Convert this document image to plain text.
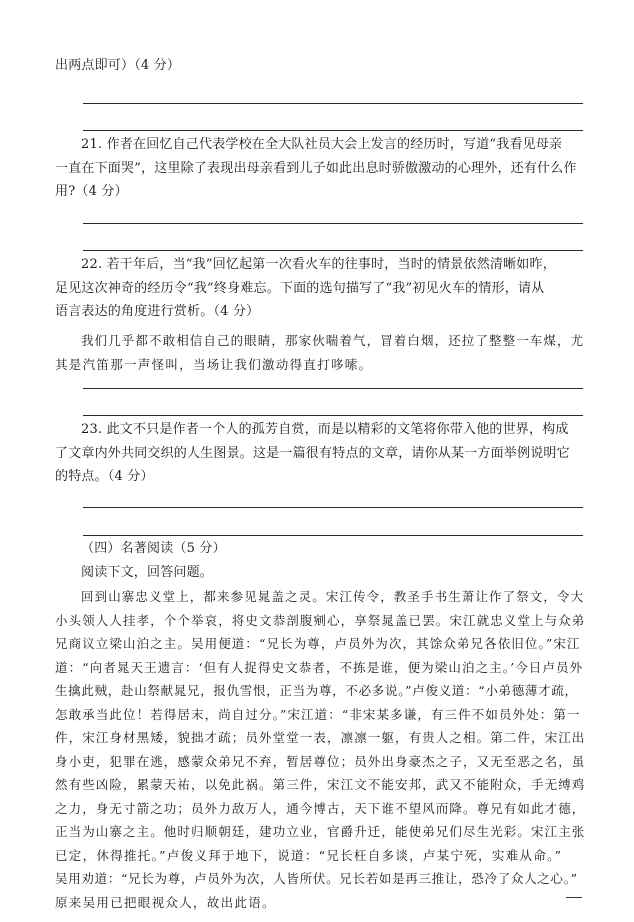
出两点即可）（4 分）
21. 作者在回忆自己代表学校在全大队社员大会上发言的经历时，写道“我看见母亲
一直在下面哭”，这里除了表现出母亲看到儿子如此出息时骄傲激动的心理外，还有什么作
用?（4 分）
22. 若干年后，当“我”回忆起第一次看火车的往事时，当时的情景依然清晰如昨，
足见这次神奇的经历令“我”终身难忘。下面的选句描写了“我”初见火车的情形，请从
语言表达的角度进行赏析。（4 分）
我们几乎都不敢相信自己的眼睛，那家伙喘着气，冒着白烟，还拉了整整一车煤，尤
其是汽笛那一声怪叫，当场让我们激动得直打哆嗦。
23. 此文不只是作者一个人的孤芳自赏，而是以精彩的文笔将你带入他的世界，构成
了文章内外共同交织的人生图景。这是一篇很有特点的文章，请你从某一方面举例说明它
的特点。（4 分）
（四）名著阅读（5 分）
阅读下文，回答问题。
回到山寨忠义堂上，都来参见晁盖之灵。宋江传令，教圣手书生萧让作了祭文，令大
小头领人人挂孝，个个举哀，将史文恭剖腹剜心，享祭晁盖已罢。宋江就忠义堂上与众弟
兄商议立梁山泊之主。吴用便道：“兄长为尊，卢员外为次，其馀众弟兄各依旧位。”宋江
道：“向者晁天王遗言：‘但有人捉得史文恭者，不拣是谁，便为梁山泊之主。’今日卢员外
生擒此贼，赴山祭献晁兄，报仇雪恨，正当为尊，不必多说。”卢俊义道：“小弟德薄才疏，
怎敢承当此位！若得居末，尚自过分。”宋江道：“非宋某多谦，有三件不如员外处：第一
件，宋江身材黑矮，貌拙才疏；员外堂堂一表，凛凛一躯，有贵人之相。第二件，宋江出
身小吏，犯罪在逃，感蒙众弟兄不弃，暂居尊位；员外出身豪杰之子，又无至恶之名，虽
然有些凶险，累蒙天祐，以免此祸。第三件，宋江文不能安邦，武又不能附众，手无缚鸡
之力，身无寸箭之功；员外力敌万人，通今博古，天下谁不望风而降。尊兄有如此才德，
正当为山寨之主。他时归顺朝廷，建功立业，官爵升迁，能使弟兄们尽生光彩。宋江主张
已定，休得推托。”卢俊义拜于地下，说道：“兄长枉自多谈，卢某宁死，实难从命。”
吴用劝道：“兄长为尊，卢员外为次，人皆所伏。兄长若如是再三推让，恐冷了众人之心。”
原来吴用已把眼视众人，故出此语。
